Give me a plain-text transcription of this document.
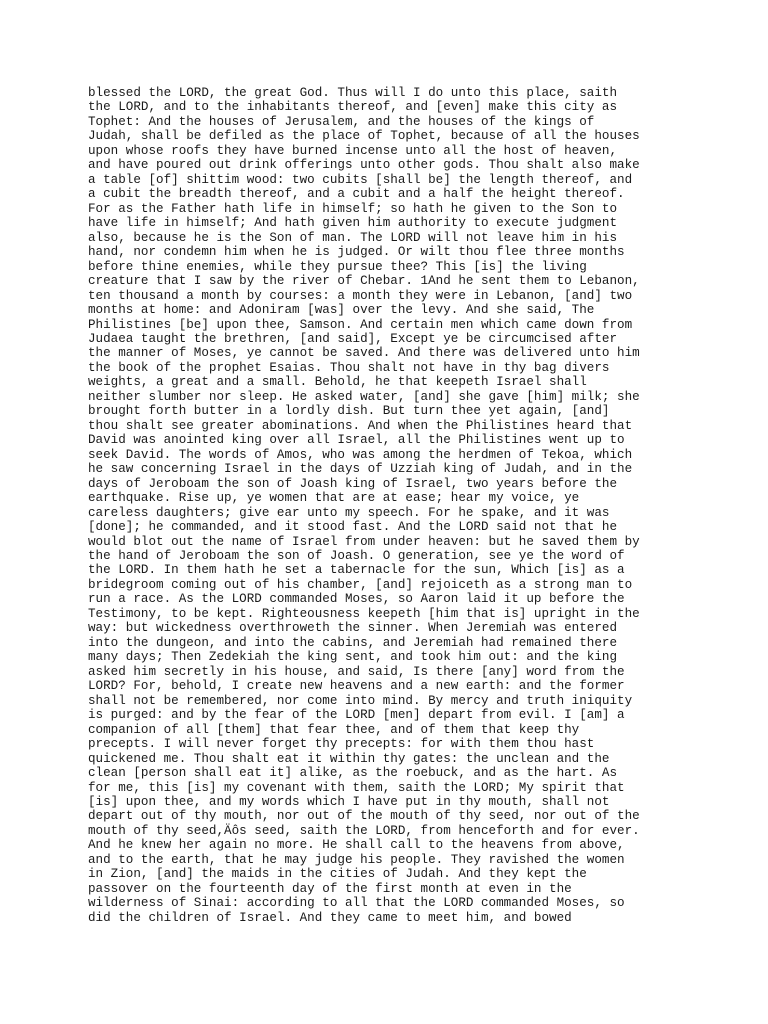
blessed the LORD, the great God. Thus will I do unto this place, saith

the LORD, and to the inhabitants thereof, and [even] make this city as

Tophet: And the houses of Jerusalem, and the houses of the kings of

Judah, shall be defiled as the place of Tophet, because of all the houses

upon whose roofs they have burned incense unto all the host of heaven,

and have poured out drink offerings unto other gods. Thou shalt also make

a table [of] shittim wood: two cubits [shall be] the length thereof, and

a cubit the breadth thereof, and a cubit and a half the height thereof.

For as the Father hath life in himself; so hath he given to the Son to

have life in himself; And hath given him authority to execute judgment

also, because he is the Son of man. The LORD will not leave him in his

hand, nor condemn him when he is judged. Or wilt thou flee three months

before thine enemies, while they pursue thee? This [is] the living

creature that I saw by the river of Chebar. 1And he sent them to Lebanon,

ten thousand a month by courses: a month they were in Lebanon, [and] two

months at home: and Adoniram [was] over the levy. And she said, The

Philistines [be] upon thee, Samson. And certain men which came down from

Judaea taught the brethren, [and said], Except ye be circumcised after

the manner of Moses, ye cannot be saved. And there was delivered unto him

the book of the prophet Esaias. Thou shalt not have in thy bag divers

weights, a great and a small. Behold, he that keepeth Israel shall

neither slumber nor sleep. He asked water, [and] she gave [him] milk; she

brought forth butter in a lordly dish. But turn thee yet again, [and]

thou shalt see greater abominations. And when the Philistines heard that

David was anointed king over all Israel, all the Philistines went up to

seek David. The words of Amos, who was among the herdmen of Tekoa, which

he saw concerning Israel in the days of Uzziah king of Judah, and in the

days of Jeroboam the son of Joash king of Israel, two years before the

earthquake. Rise up, ye women that are at ease; hear my voice, ye

careless daughters; give ear unto my speech. For he spake, and it was

[done]; he commanded, and it stood fast. And the LORD said not that he

would blot out the name of Israel from under heaven: but he saved them by

the hand of Jeroboam the son of Joash. O generation, see ye the word of

the LORD. In them hath he set a tabernacle for the sun, Which [is] as a

bridegroom coming out of his chamber, [and] rejoiceth as a strong man to

run a race. As the LORD commanded Moses, so Aaron laid it up before the

Testimony, to be kept. Righteousness keepeth [him that is] upright in the

way: but wickedness overthroweth the sinner. When Jeremiah was entered

into the dungeon, and into the cabins, and Jeremiah had remained there

many days; Then Zedekiah the king sent, and took him out: and the king

asked him secretly in his house, and said, Is there [any] word from the

LORD? For, behold, I create new heavens and a new earth: and the former

shall not be remembered, nor come into mind. By mercy and truth iniquity

is purged: and by the fear of the LORD [men] depart from evil. I [am] a

companion of all [them] that fear thee, and of them that keep thy

precepts. I will never forget thy precepts: for with them thou hast

quickened me. Thou shalt eat it within thy gates: the unclean and the

clean [person shall eat it] alike, as the roebuck, and as the hart. As

for me, this [is] my covenant with them, saith the LORD; My spirit that

[is] upon thee, and my words which I have put in thy mouth, shall not

depart out of thy mouth, nor out of the mouth of thy seed, nor out of the

mouth of thy seed,Äôs seed, saith the LORD, from henceforth and for ever.

And he knew her again no more. He shall call to the heavens from above,

and to the earth, that he may judge his people. They ravished the women

in Zion, [and] the maids in the cities of Judah. And they kept the

passover on the fourteenth day of the first month at even in the

wilderness of Sinai: according to all that the LORD commanded Moses, so

did the children of Israel. And they came to meet him, and bowed
